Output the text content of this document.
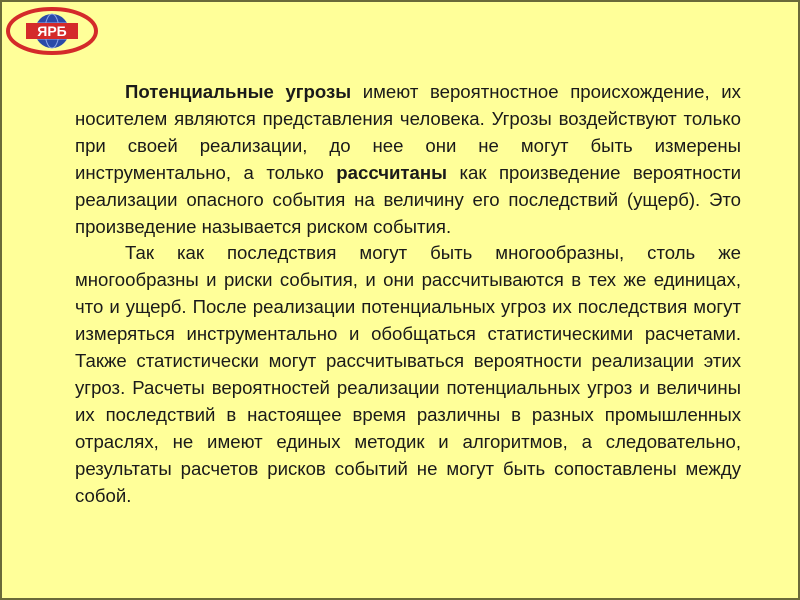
ЯРБ

Потенциальные угрозы имеют вероятностное происхождение, их носителем являются представления человека. Угрозы воздействуют только при своей реализации, до нее они не могут быть измерены инструментально, а только рассчитаны как произведение вероятности реализации опасного события на величину его последствий (ущерб). Это произведение называется риском события.

Так как последствия могут быть многообразны, столь же многообразны и риски события, и они рассчитываются в тех же единицах, что и ущерб. После реализации потенциальных угроз их последствия могут измеряться инструментально и обобщаться статистическими расчетами. Также статистически могут рассчитываться вероятности реализации этих угроз. Расчеты вероятностей реализации потенциальных угроз и величины их последствий в настоящее время различны в разных промышленных отраслях, не имеют единых методик и алгоритмов, а следовательно, результаты расчетов рисков событий не могут быть сопоставлены между собой.
